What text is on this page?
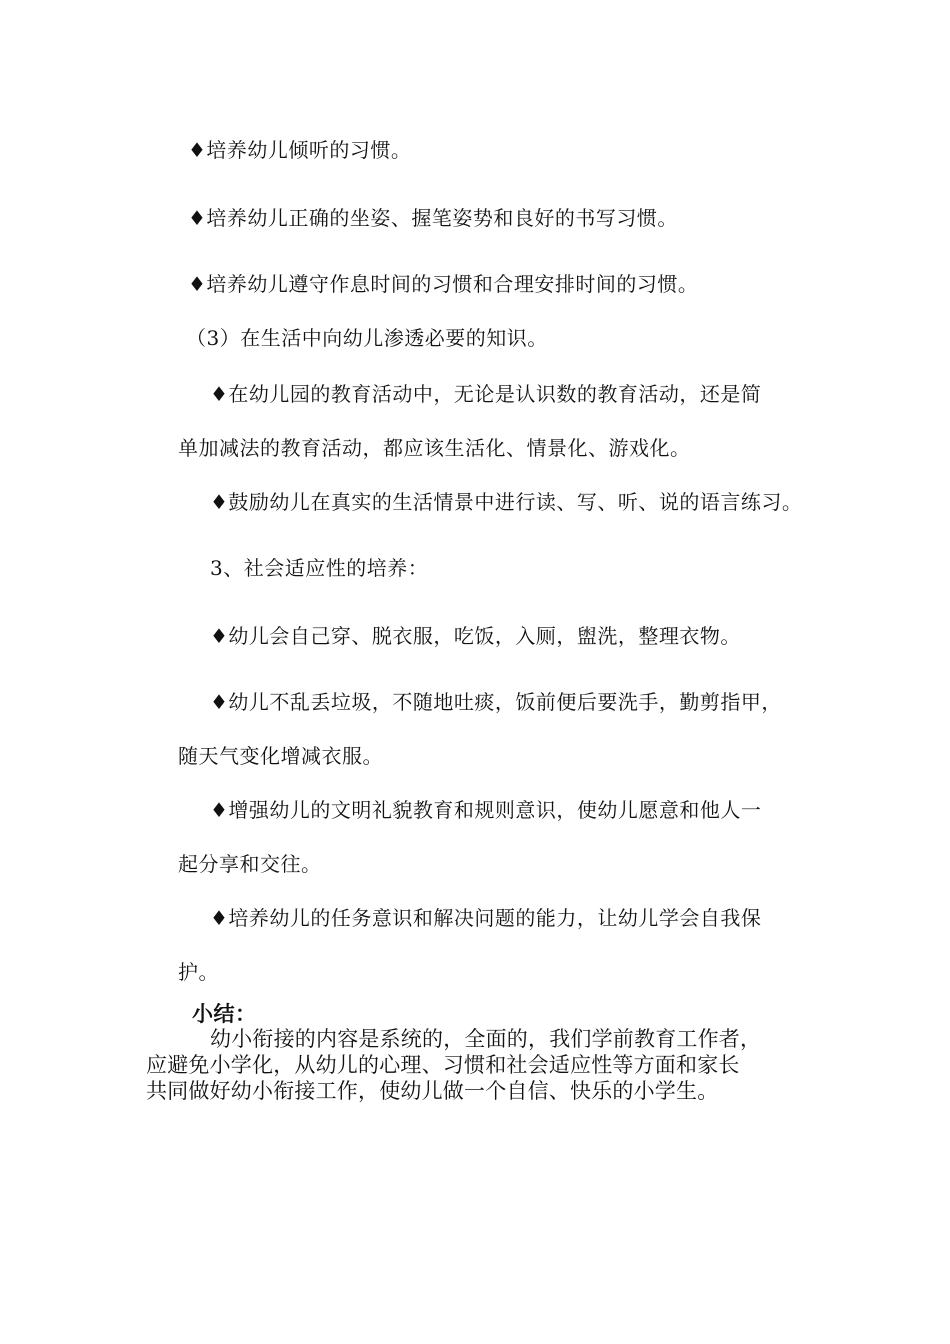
♦培养幼儿倾听的习惯。
♦培养幼儿正确的坐姿、握笔姿势和良好的书写习惯。
♦培养幼儿遵守作息时间的习惯和合理安排时间的习惯。
（3）在生活中向幼儿渗透必要的知识。
♦在幼儿园的教育活动中，无论是认识数的教育活动，还是简
单加减法的教育活动，都应该生活化、情景化、游戏化。
♦鼓励幼儿在真实的生活情景中进行读、写、听、说的语言练习。
3、社会适应性的培养：
♦幼儿会自己穿、脱衣服，吃饭，入厕，盥洗，整理衣物。
♦幼儿不乱丢垃圾，不随地吐痰，饭前便后要洗手，勤剪指甲，
随天气变化增减衣服。
♦增强幼儿的文明礼貌教育和规则意识，使幼儿愿意和他人一
起分享和交往。
♦培养幼儿的任务意识和解决问题的能力，让幼儿学会自我保
护。
小结：
幼小衔接的内容是系统的，全面的，我们学前教育工作者，
应避免小学化，从幼儿的心理、习惯和社会适应性等方面和家长
共同做好幼小衔接工作，使幼儿做一个自信、快乐的小学生。
